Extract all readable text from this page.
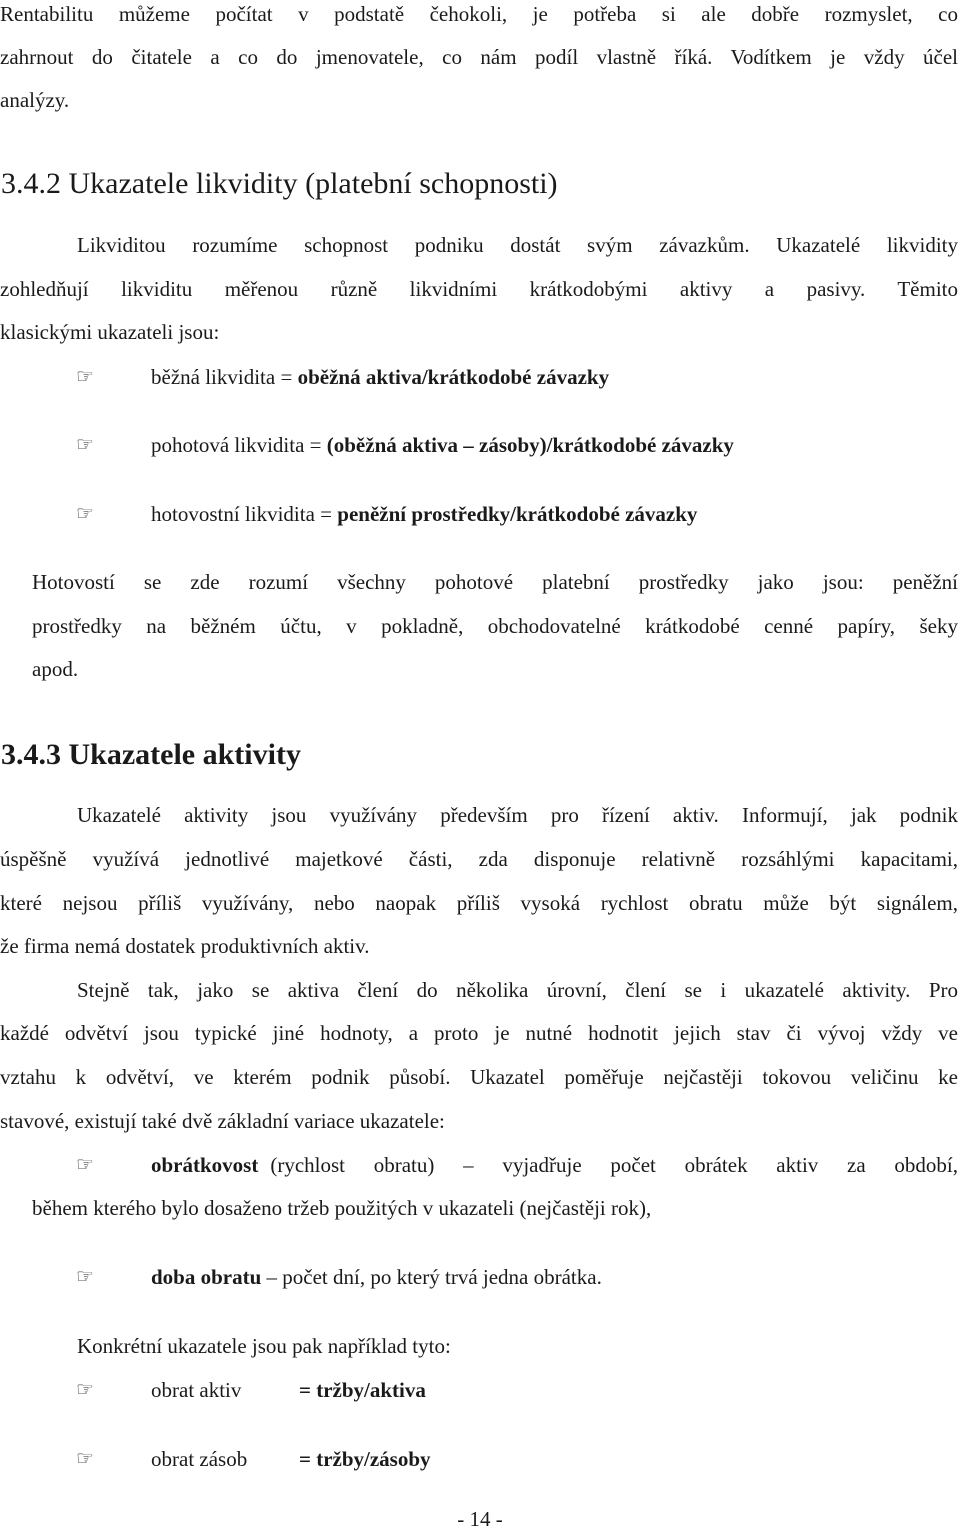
Rentabilitu můžeme počítat v podstatě čehokoli, je potřeba si ale dobře rozmyslet, co
zahrnout do čitatele a co do jmenovatele, co nám podíl vlastně říká. Vodítkem je vždy účel
analýzy.
3.4.2 Ukazatele likvidity (platební schopnosti)
Likviditou rozumíme schopnost podniku dostát svým závazkům. Ukazatelé likvidity
zohledňují likviditu měřenou různě likvidními krátkodobými aktivy a pasivy. Těmito
klasickými ukazateli jsou:
☞	běžná likvidita = oběžná aktiva/krátkodobé závazky
☞	pohotová likvidita = (oběžná aktiva – zásoby)/krátkodobé závazky
☞	hotovostní likvidita = peněžní prostředky/krátkodobé závazky
Hotovostí se zde rozumí všechny pohotové platební prostředky jako jsou: peněžní
prostředky na běžném účtu, v pokladně, obchodovatelné krátkodobé cenné papíry, šeky
apod.
3.4.3 Ukazatele aktivity
Ukazatelé aktivity jsou využívány především pro řízení aktiv. Informují, jak podnik
úspěšně využívá jednotlivé majetkové části, zda disponuje relativně rozsáhlými kapacitami,
které nejsou příliš využívány, nebo naopak příliš vysoká rychlost obratu může být signálem,
že firma nemá dostatek produktivních aktiv.
Stejně tak, jako se aktiva člení do několika úrovní, člení se i ukazatelé aktivity. Pro
každé odvětví jsou typické jiné hodnoty, a proto je nutné hodnotit jejich stav či vývoj vždy ve
vztahu k odvětví, ve kterém podnik působí. Ukazatel poměřuje nejčastěji tokovou veličinu ke
stavové, existují také dvě základní variace ukazatele:
☞	obrátkovost (rychlost obratu) – vyjadřuje počet obrátek aktiv za období,
během kterého bylo dosaženo tržeb použitých v ukazateli (nejčastěji rok),
☞	doba obratu – počet dní, po který trvá jedna obrátka.
Konkrétní ukazatele jsou pak například tyto:
☞	obrat aktiv	= tržby/aktiva
☞	obrat zásob = tržby/zásoby
- 14 -
